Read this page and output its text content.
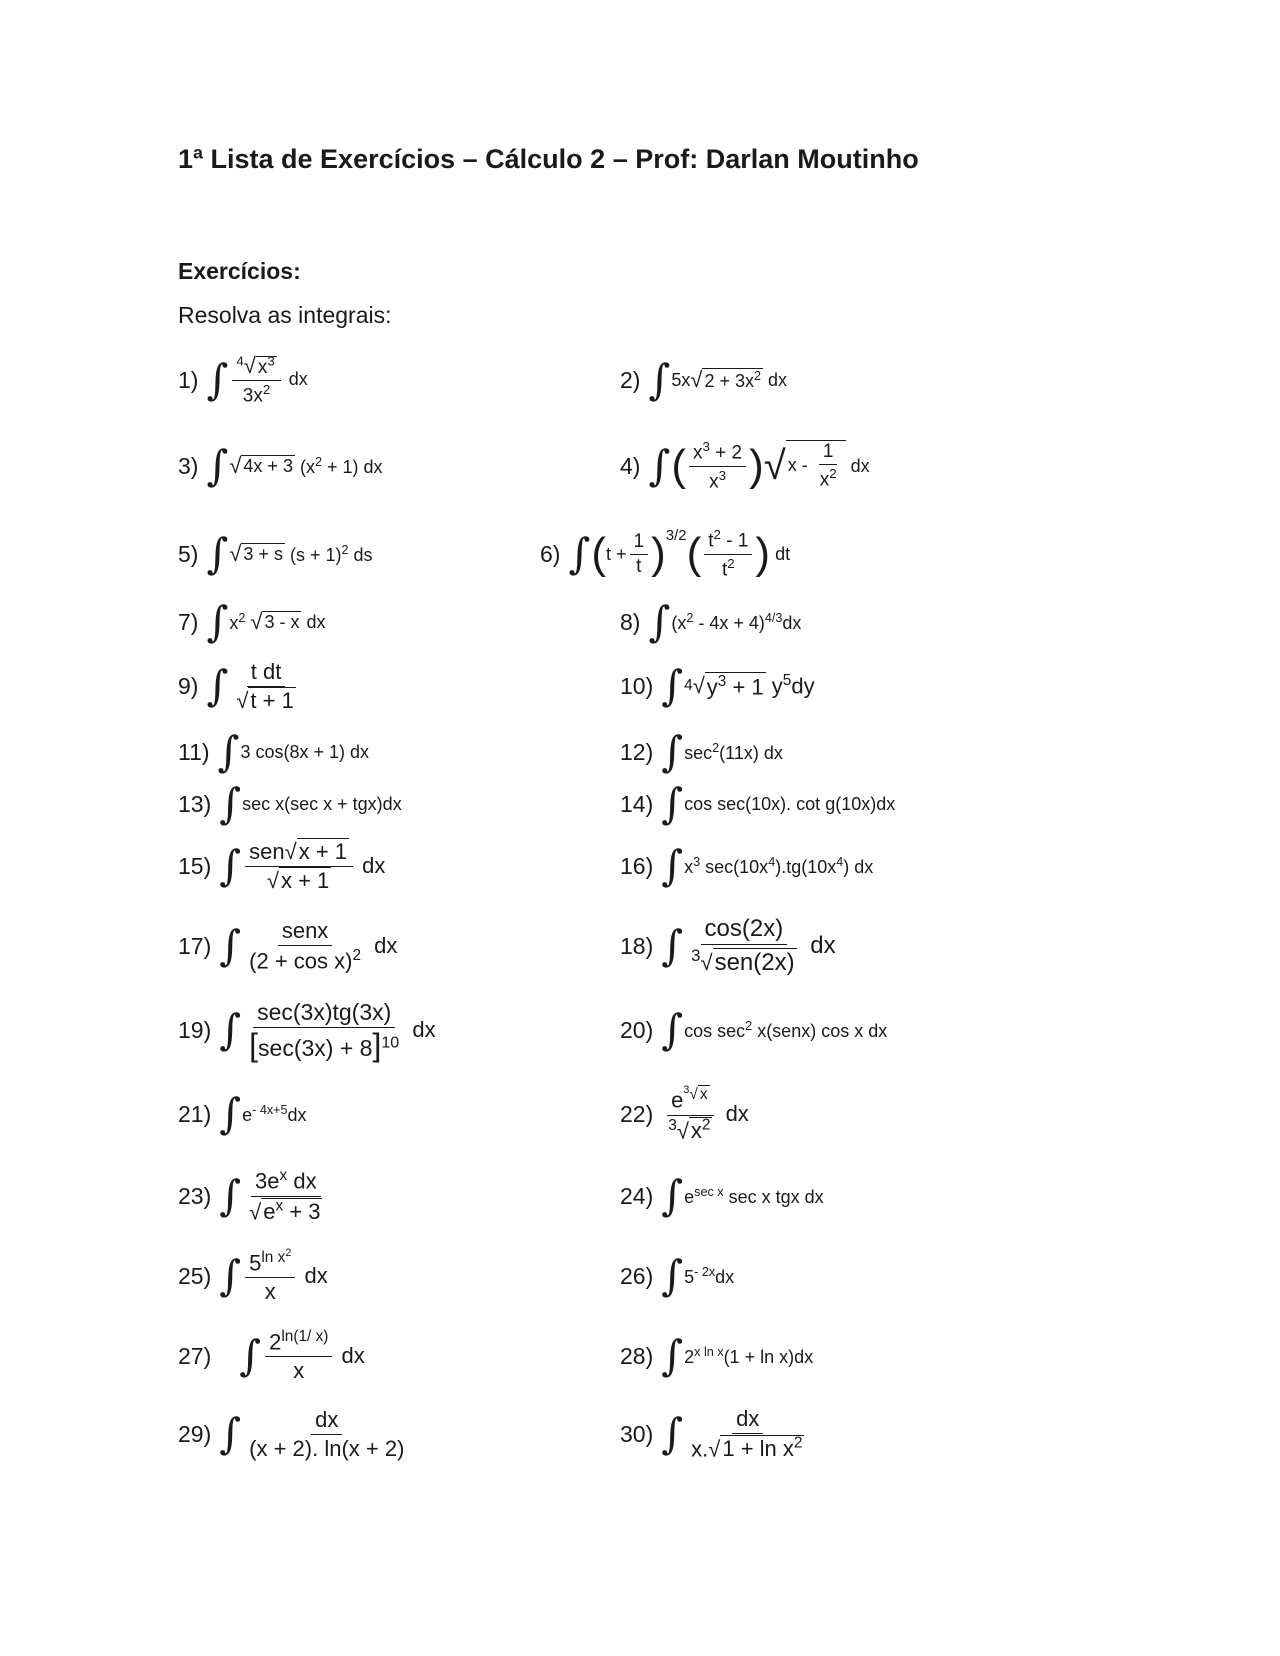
1ª Lista de Exercícios – Cálculo 2 – Prof: Darlan Moutinho
Exercícios:
Resolva as integrais:
1) ∫ $\frac{^4√ x^3}{3x^2}$ dx	2) ∫ 5x √ $2 + 3x^2$ dx
3) ∫ √ 4x + 3 $(x^2 + 1)$ dx	4) ∫ ( $\frac{x^3 + 2}{x^3}$ ) √ x - $\frac{1}{x^2}$ dx
5) ∫ √ 3 + s $(s + 1)^2$ ds	6) ∫ ( $t + \frac{1}{t}$ ) 3/2 ( $\frac{t^2 - 1}{t^2}$ ) dt
7) ∫ $x^2$ √ 3 - x dx	8) ∫ $(x^2 - 4x + 4)^{4/3}dx$
9) ∫ $\frac{\text{t dt}}{√t + 1}$	10) ∫ 4 √ $y^3 + 1$ $y^5dy$
11) ∫ 3 cos(8x + 1) dx	12) ∫ $\sec^2(11x)$ dx
13) ∫ sec x(sec x + tgx)dx	14) ∫ cos sec(10x). cot g(10x)dx
15) ∫ $\frac{\text{sen√x + 1}}{√x + 1}$ dx	16) ∫ $x^3$ $\sec(10x^4).tg(10x^4)$ dx
17) ∫ $\frac{\text{senx}}{(2 + \cos x)^2}$ dx	18) ∫ $\frac{\cos(2x)}{^3√sen(2x)}$ dx
19) ∫ $\frac{\sec(3x)tg(3x)}{[\sec(3x) + 8]^{10}}$ dx	20) ∫ $\cos \sec^2$ x(senx) cos x dx
21) ∫ $e^{- 4x+5}dx$	$22) \frac{e^{^3√ x}}{^3√x^2}$ dx
23) ∫ $\frac{3e^x dx}{√e^x + 3}$	24) ∫ $e^{sec x}$ sec x tgx dx
25) ∫ $\frac{5^{ln x^2}}{x}$ dx	26) ∫ $5^{- 2x}dx$
27) ∫ $\frac{2^{ln(1/ x)}}{x}$ dx	28) ∫ $2^{x ln x}(1 + \ln x)dx$
29) ∫ $\frac{dx}{(x + 2). \ln(x + 2)}$	30) ∫ $\frac{dx}{x.√1 + \ln x^2}$
